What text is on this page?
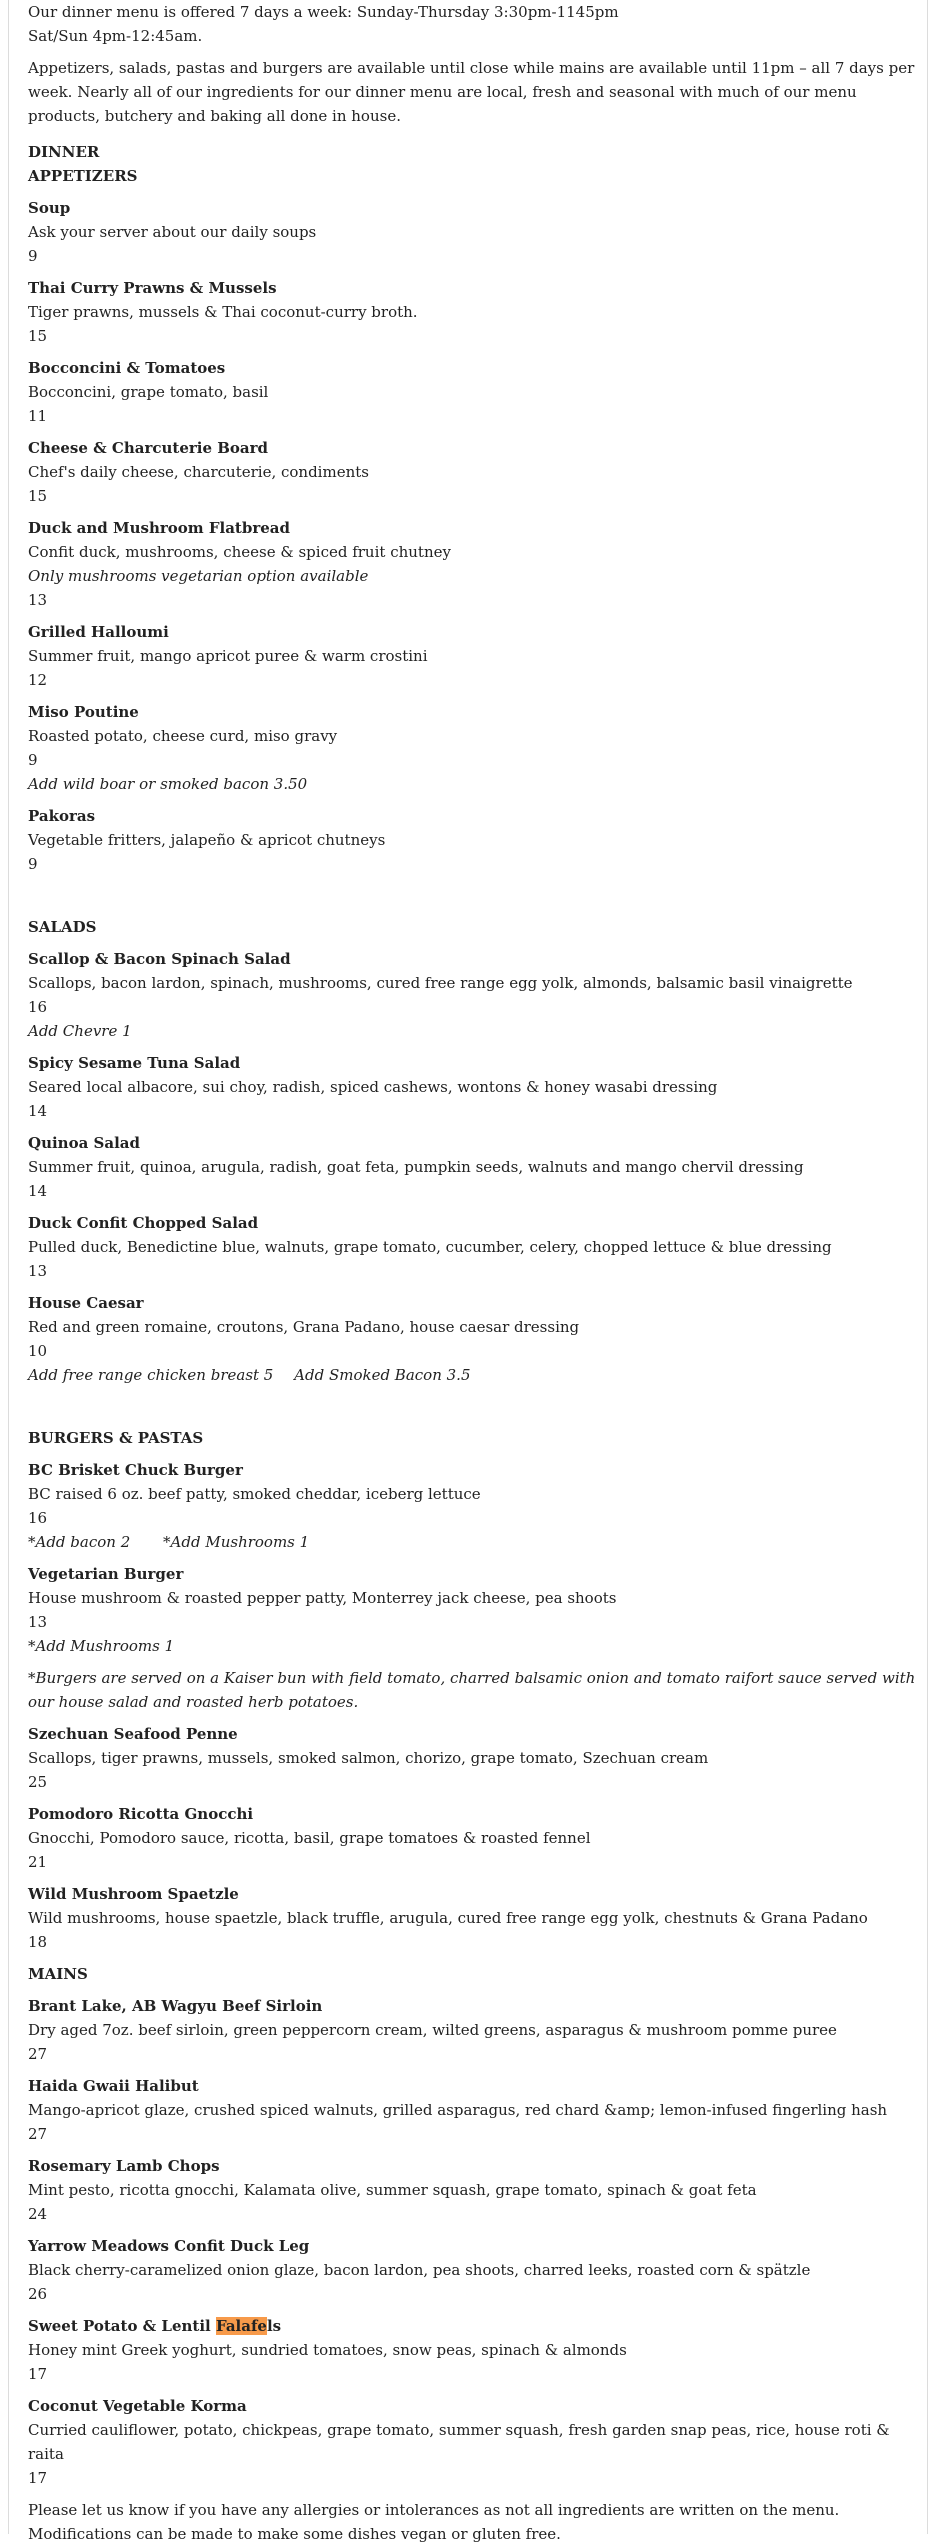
Our dinner menu is offered 7 days a week: Sunday-Thursday 3:30pm-1145pm

Sat/Sun 4pm-12:45am.

Appetizers, salads, pastas and burgers are available until close while mains are available until 11pm – all 7 days per week. Nearly all of our ingredients for our dinner menu are local, fresh and seasonal with much of our menu products, butchery and baking all done in house.

DINNER
APPETIZERS
Soup
Ask your server about our daily soups
9
Thai Curry Prawns & Mussels
Tiger prawns, mussels & Thai coconut-curry broth.
15
Bocconcini & Tomatoes
Bocconcini, grape tomato, basil
11
Cheese & Charcuterie Board
Chef's daily cheese, charcuterie, condiments
15
Duck and Mushroom Flatbread
Confit duck, mushrooms, cheese & spiced fruit chutney
Only mushrooms vegetarian option available
13
Grilled Halloumi
Summer fruit, mango apricot puree & warm crostini
12
Miso Poutine
Roasted potato, cheese curd, miso gravy
9
Add wild boar or smoked bacon 3.50
Pakoras
Vegetable fritters, jalapeño & apricot chutneys
9
SALADS
Scallop & Bacon Spinach Salad
Scallops, bacon lardon, spinach, mushrooms, cured free range egg yolk, almonds, balsamic basil vinaigrette
16
Add Chevre 1
Spicy Sesame Tuna Salad
Seared local albacore, sui choy, radish, spiced cashews, wontons & honey wasabi dressing
14
Quinoa Salad
Summer fruit, quinoa, arugula, radish, goat feta, pumpkin seeds, walnuts and mango chervil dressing
14
Duck Confit Chopped Salad
Pulled duck, Benedictine blue, walnuts, grape tomato, cucumber, celery, chopped lettuce & blue dressing
13
House Caesar
Red and green romaine, croutons, Grana Padano, house caesar dressing
10
Add free range chicken breast 5 Add Smoked Bacon 3.5
BURGERS & PASTAS
BC Brisket Chuck Burger
BC raised 6 oz. beef patty, smoked cheddar, iceberg lettuce
16
*Add bacon 2 *Add Mushrooms 1
Vegetarian Burger
House mushroom & roasted pepper patty, Monterrey jack cheese, pea shoots
13
*Add Mushrooms 1
*Burgers are served on a Kaiser bun with field tomato, charred balsamic onion and tomato raifort sauce served with our house salad and roasted herb potatoes.
Szechuan Seafood Penne
Scallops, tiger prawns, mussels, smoked salmon, chorizo, grape tomato, Szechuan cream
25
Pomodoro Ricotta Gnocchi
Gnocchi, Pomodoro sauce, ricotta, basil, grape tomatoes & roasted fennel
21
Wild Mushroom Spaetzle
Wild mushrooms, house spaetzle, black truffle, arugula, cured free range egg yolk, chestnuts & Grana Padano
18
MAINS
Brant Lake, AB Wagyu Beef Sirloin
Dry aged 7oz. beef sirloin, green peppercorn cream, wilted greens, asparagus & mushroom pomme puree
27
Haida Gwaii Halibut
Mango-apricot glaze, crushed spiced walnuts, grilled asparagus, red chard &amp; lemon-infused fingerling hash
27
Rosemary Lamb Chops
Mint pesto, ricotta gnocchi, Kalamata olive, summer squash, grape tomato, spinach & goat feta
24
Yarrow Meadows Confit Duck Leg
Black cherry-caramelized onion glaze, bacon lardon, pea shoots, charred leeks, roasted corn & spätzle
26
Sweet Potato & Lentil Falafels
Honey mint Greek yoghurt, sundried tomatoes, snow peas, spinach & almonds
17
Coconut Vegetable Korma
Curried cauliflower, potato, chickpeas, grape tomato, summer squash, fresh garden snap peas, rice, house roti & raita
17
Please let us know if you have any allergies or intolerances as not all ingredients are written on the menu. Modifications can be made to make some dishes vegan or gluten free.
